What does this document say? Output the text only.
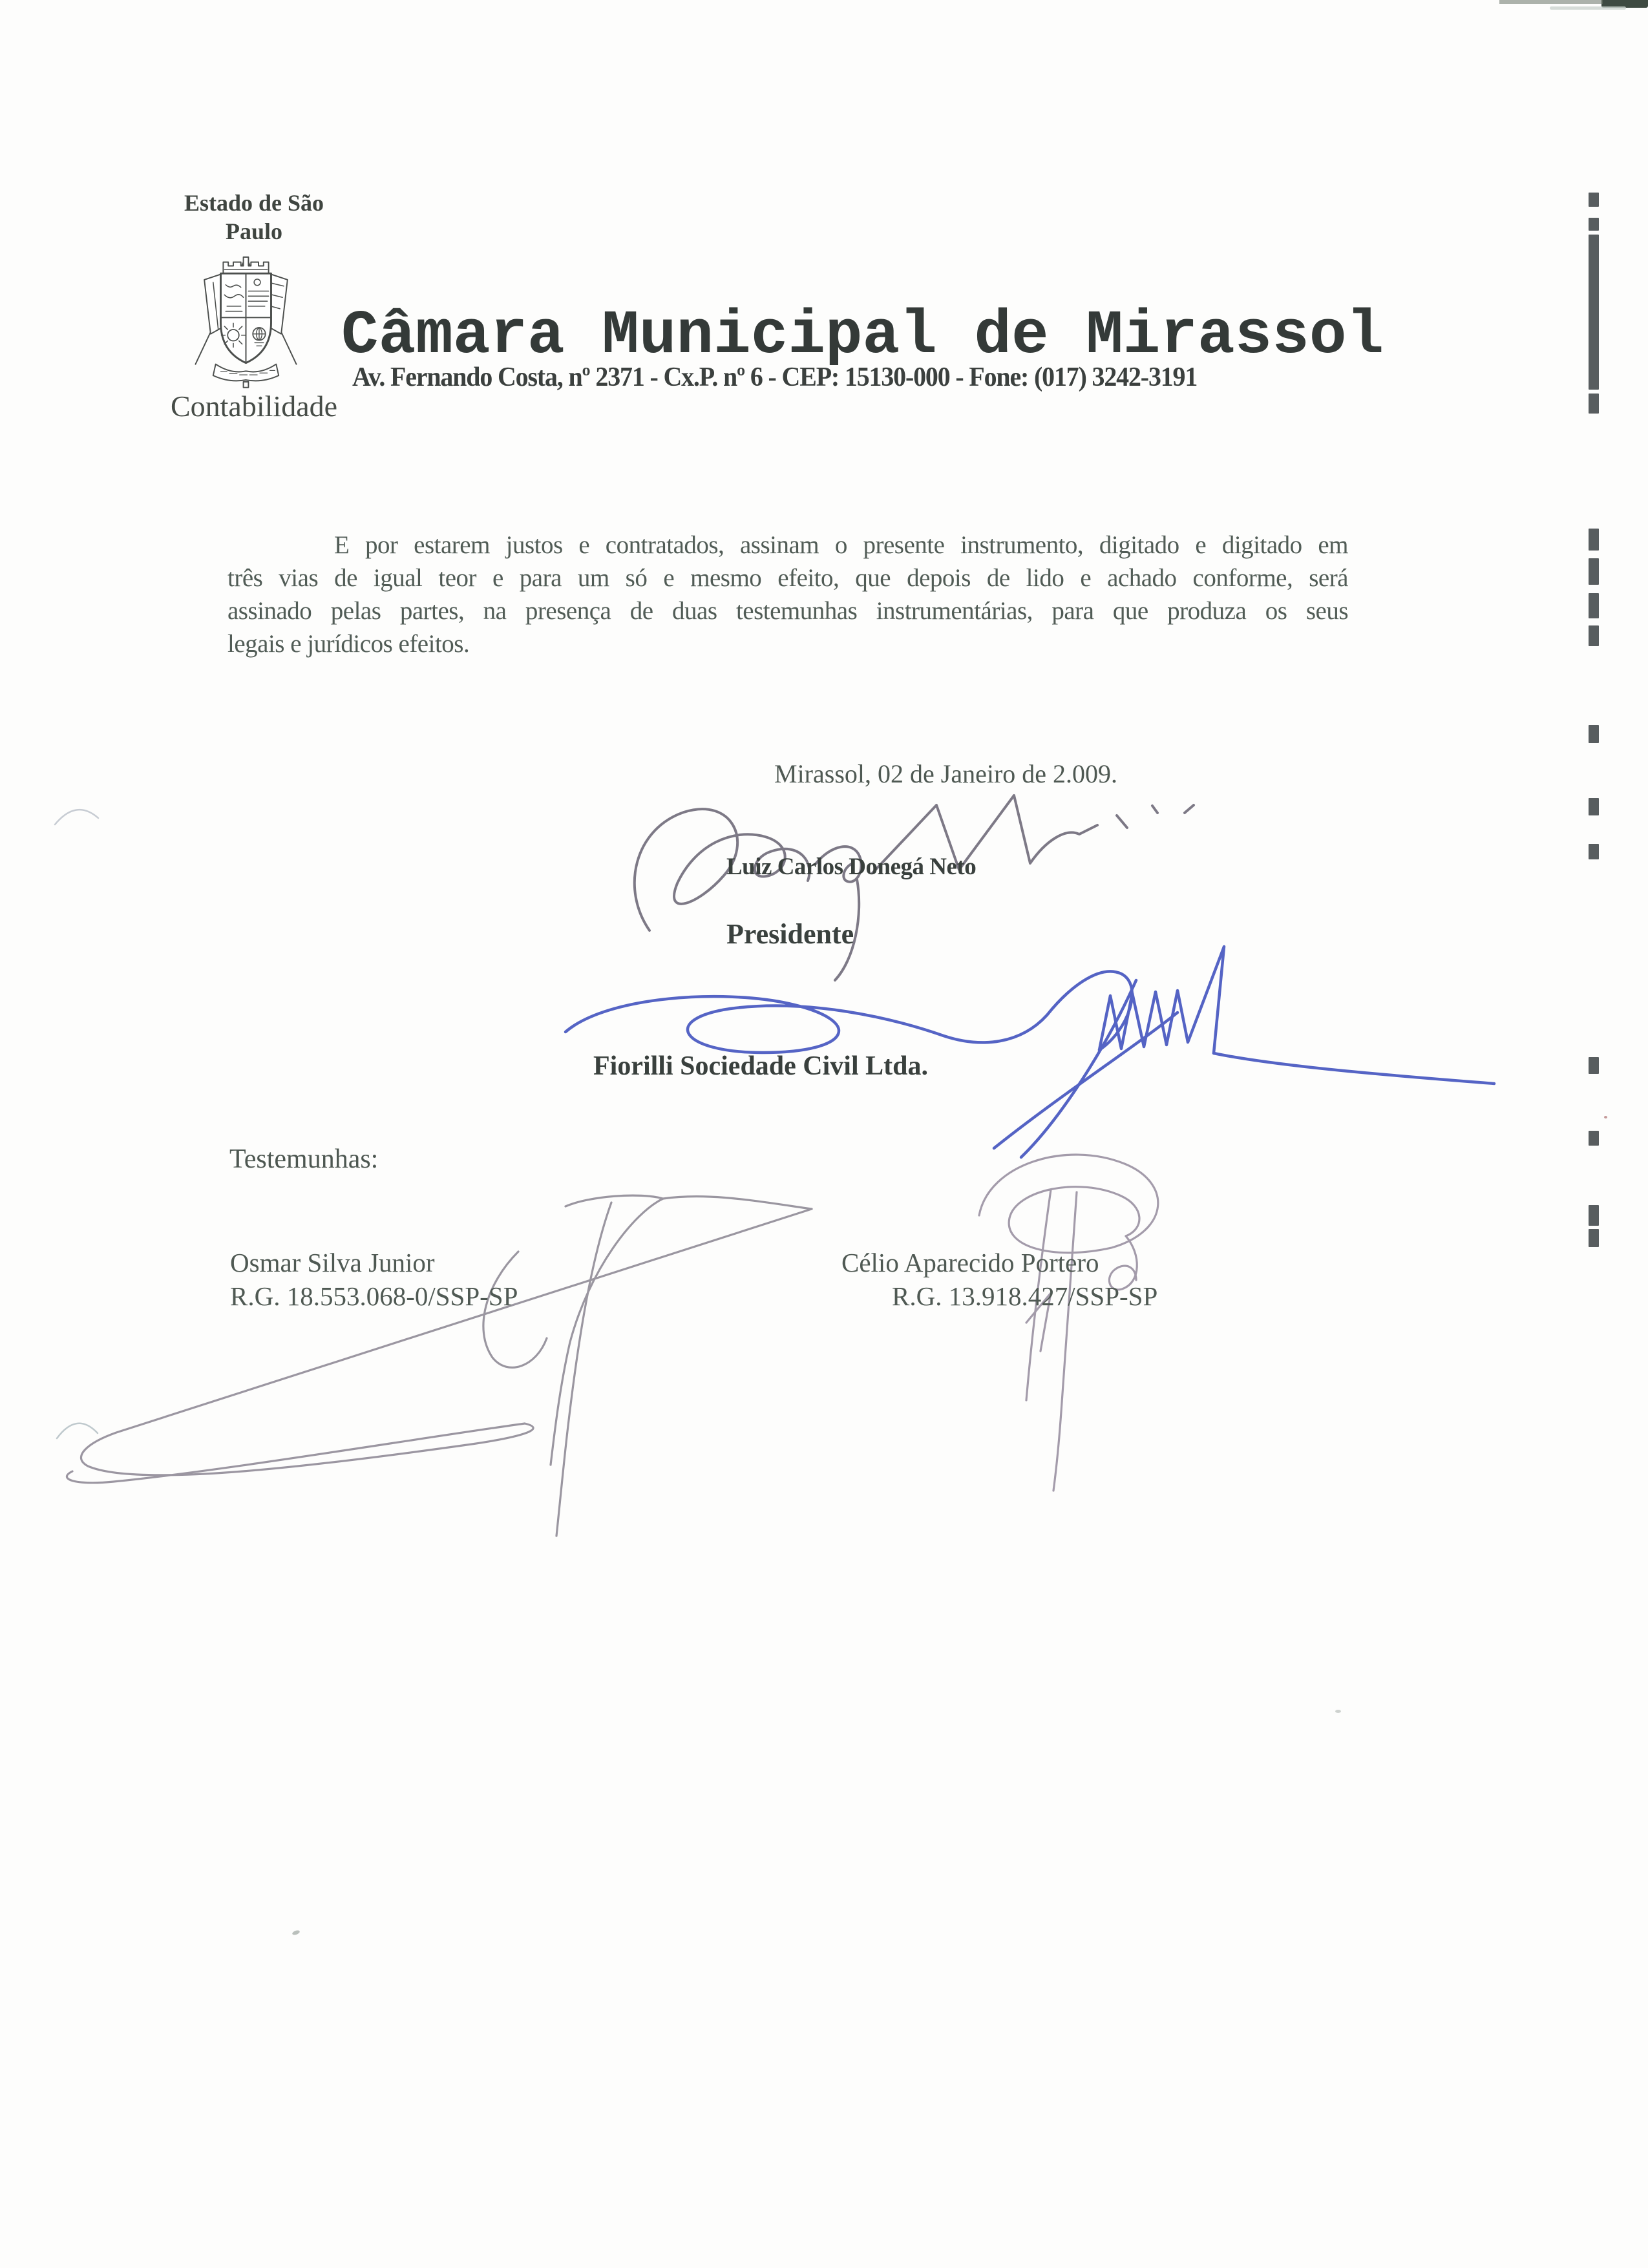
Estado de São
Paulo
Contabilidade
Câmara Municipal de Mirassol
Av. Fernando Costa, nº 2371 - Cx.P. nº 6 - CEP: 15130-000 - Fone: (017) 3242-3191
E por estarem justos e contratados, assinam o presente instrumento, digitado e digitado em
três vias de igual teor e para um só e mesmo efeito, que depois de lido e achado conforme, será
assinado pelas partes, na presença de duas testemunhas instrumentárias, para que produza os seus
legais e jurídicos efeitos.
Mirassol, 02 de Janeiro de 2.009.
Luiz Carlos Donegá Neto
Presidente
Fiorilli Sociedade Civil Ltda.
Testemunhas:
Osmar Silva Junior
R.G. 18.553.068-0/SSP-SP
Célio Aparecido Portero
R.G. 13.918.427/SSP-SP
